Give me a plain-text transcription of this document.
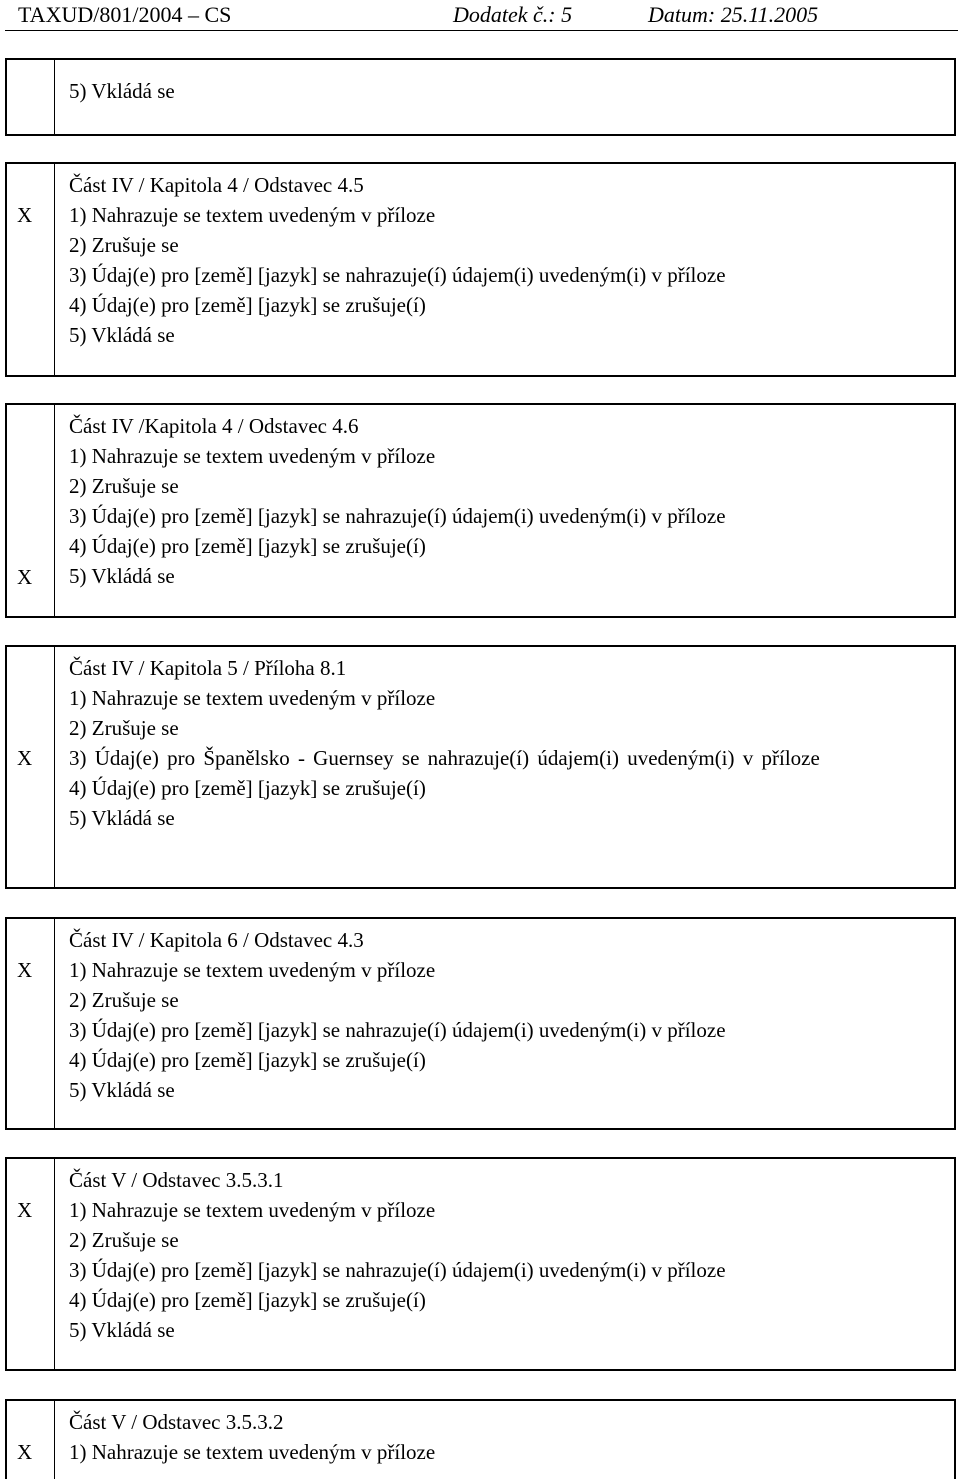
TAXUD/801/2004 – CS	Dodatek č.: 5	Datum: 25.11.2005
5) Vkládá se
X
Část IV / Kapitola 4 / Odstavec 4.5
1) Nahrazuje se textem uvedeným v příloze
2) Zrušuje se
3) Údaj(e) pro [země] [jazyk] se nahrazuje(í) údajem(i) uvedeným(i) v příloze
4) Údaj(e) pro [země] [jazyk] se zrušuje(í)
5) Vkládá se
X
Část IV /Kapitola 4 / Odstavec 4.6
1) Nahrazuje se textem uvedeným v příloze
2) Zrušuje se
3) Údaj(e) pro [země] [jazyk] se nahrazuje(í) údajem(i) uvedeným(i) v příloze
4) Údaj(e) pro [země] [jazyk] se zrušuje(í)
5) Vkládá se
X
Část IV / Kapitola 5 / Příloha 8.1
1) Nahrazuje se textem uvedeným v příloze
2) Zrušuje se
3) Údaj(e) pro Španělsko - Guernsey se nahrazuje(í) údajem(i) uvedeným(i) v příloze
4) Údaj(e) pro [země] [jazyk] se zrušuje(í)
5) Vkládá se
X
Část IV / Kapitola 6 / Odstavec 4.3
1) Nahrazuje se textem uvedeným v příloze
2) Zrušuje se
3) Údaj(e) pro [země] [jazyk] se nahrazuje(í) údajem(i) uvedeným(i) v příloze
4) Údaj(e) pro [země] [jazyk] se zrušuje(í)
5) Vkládá se
X
Část V / Odstavec 3.5.3.1
1) Nahrazuje se textem uvedeným v příloze
2) Zrušuje se
3) Údaj(e) pro [země] [jazyk] se nahrazuje(í) údajem(i) uvedeným(i) v příloze
4) Údaj(e) pro [země] [jazyk] se zrušuje(í)
5) Vkládá se
X
Část V / Odstavec 3.5.3.2
1) Nahrazuje se textem uvedeným v příloze
